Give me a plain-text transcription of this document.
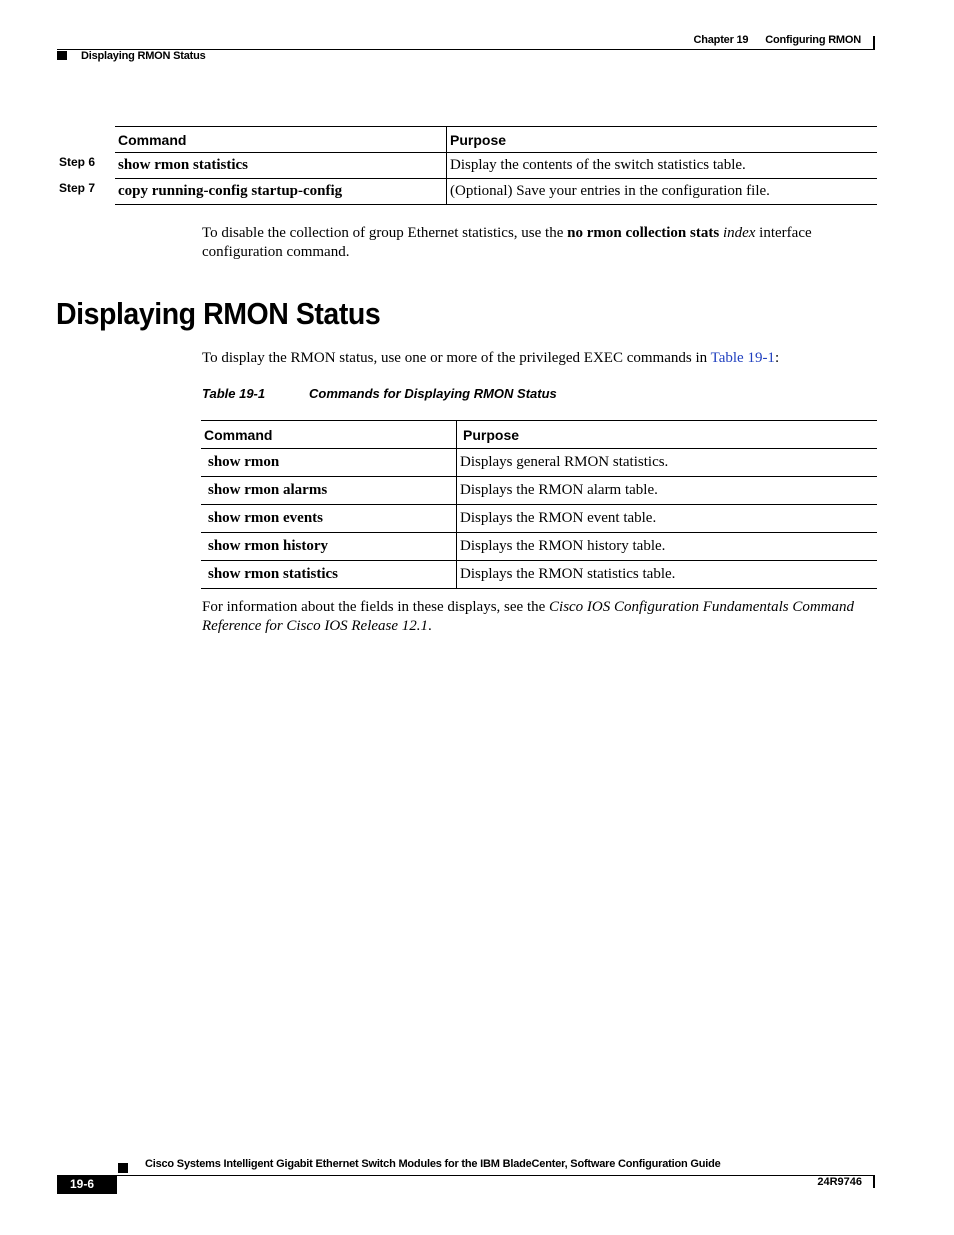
Chapter 19 Configuring RMON
Displaying RMON Status
Step 6
Step 7
Command	Purpose
show rmon statistics	Display the contents of the switch statistics table.
copy running-config startup-config	(Optional) Save your entries in the configuration file.

To disable the collection of group Ethernet statistics, use the no rmon collection stats index interface configuration command.

Displaying RMON Status

To display the RMON status, use one or more of the privileged EXEC commands in Table 19-1:

Table 19-1	Commands for Displaying RMON Status
Command	Purpose
show rmon	Displays general RMON statistics.
show rmon alarms	Displays the RMON alarm table.
show rmon events	Displays the RMON event table.
show rmon history	Displays the RMON history table.
show rmon statistics	Displays the RMON statistics table.

For information about the fields in these displays, see the Cisco IOS Configuration Fundamentals Command Reference for Cisco IOS Release 12.1.

Cisco Systems Intelligent Gigabit Ethernet Switch Modules for the IBM BladeCenter, Software Configuration Guide
19-6	24R9746
